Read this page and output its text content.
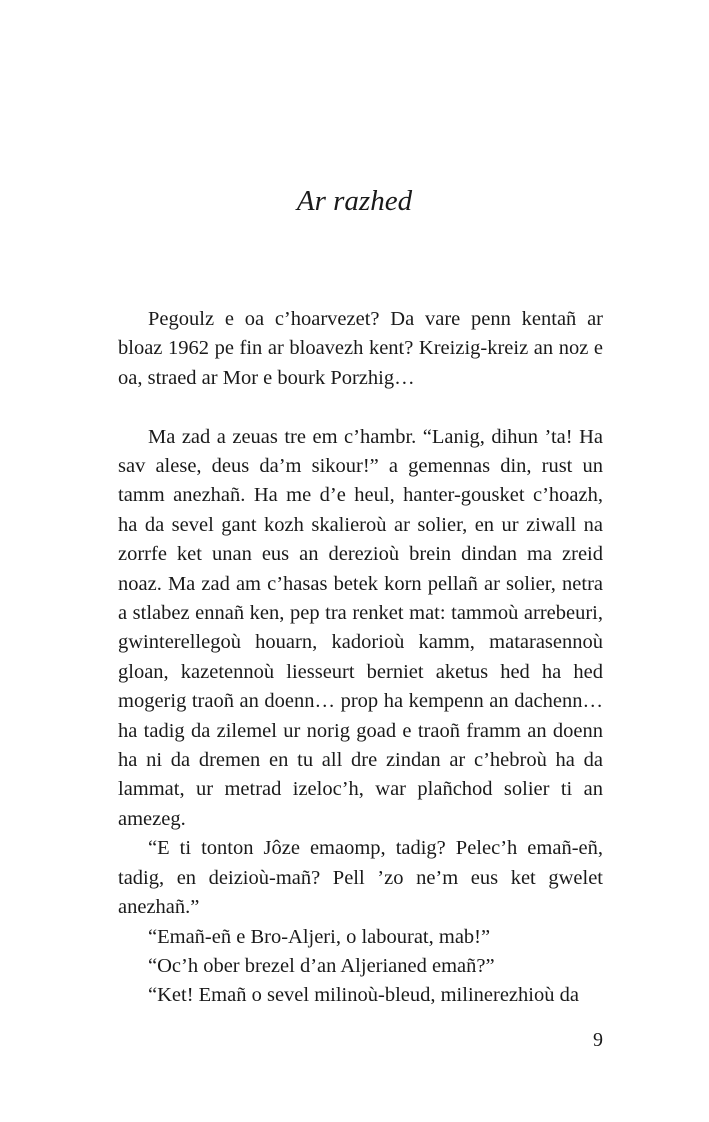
Ar razhed

Pegoulz e oa c’hoarvezet? Da vare penn kentañ ar bloaz 1962 pe fin ar bloavezh kent? Kreizig-kreiz an noz e oa, straed ar Mor e bourk Porzhig…

Ma zad a zeuas tre em c’hambr. “Lanig, dihun ’ta! Ha sav alese, deus da’m sikour!” a gemennas din, rust un tamm anezhañ. Ha me d’e heul, hanter-gousket c’hoazh, ha da sevel gant kozh skalieroù ar solier, en ur ziwall na zorrfe ket unan eus an derezioù brein dindan ma zreid noaz. Ma zad am c’hasas betek korn pellañ ar solier, netra a stlabez ennañ ken, pep tra renket mat: tammoù arrebeuri, gwinterellegoù houarn, kadorioù kamm, matarasennoù gloan, kazetennoù liesseurt berniet aketus hed ha hed mogerig traoñ an doenn… prop ha kempenn an dachenn… ha tadig da zilemel ur norig goad e traoñ framm an doenn ha ni da dremen en tu all dre zindan ar c’hebroù ha da lammat, ur metrad izeloc’h, war plañchod solier ti an amezeg.

“E ti tonton Jôze emaomp, tadig? Pelec’h emañ-eñ, tadig, en deizioù-mañ? Pell ’zo ne’m eus ket gwelet anezhañ.”

“Emañ-eñ e Bro-Aljeri, o labourat, mab!”

“Oc’h ober brezel d’an Aljerianed emañ?”

“Ket! Emañ o sevel milinoù-bleud, milinerezhioù da

9
